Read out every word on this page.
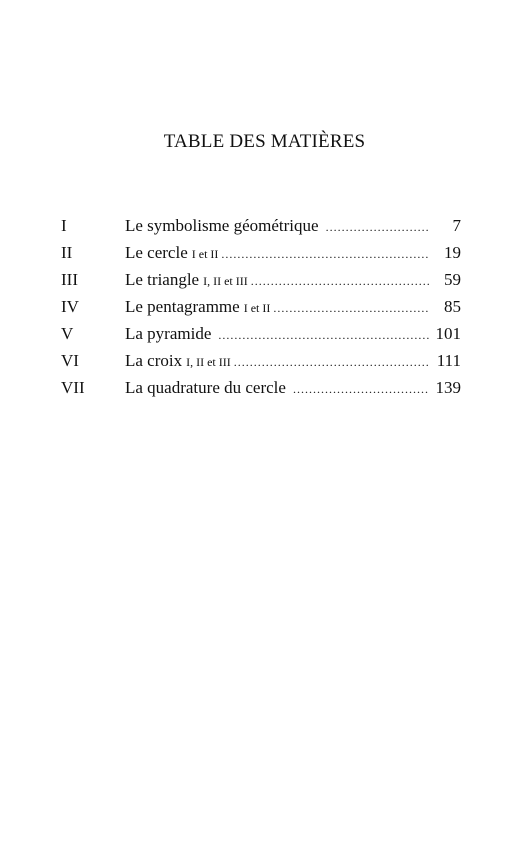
TABLE DES MATIÈRES
I	Le symbolisme géométrique .....	7
II	Le cercle I et II .....	19
III	Le triangle I, II et III .....	59
IV	Le pentagramme I et II .....	85
V	La pyramide .....	101
VI	La croix I, II et III .....	111
VII	La quadrature du cercle .....	139
